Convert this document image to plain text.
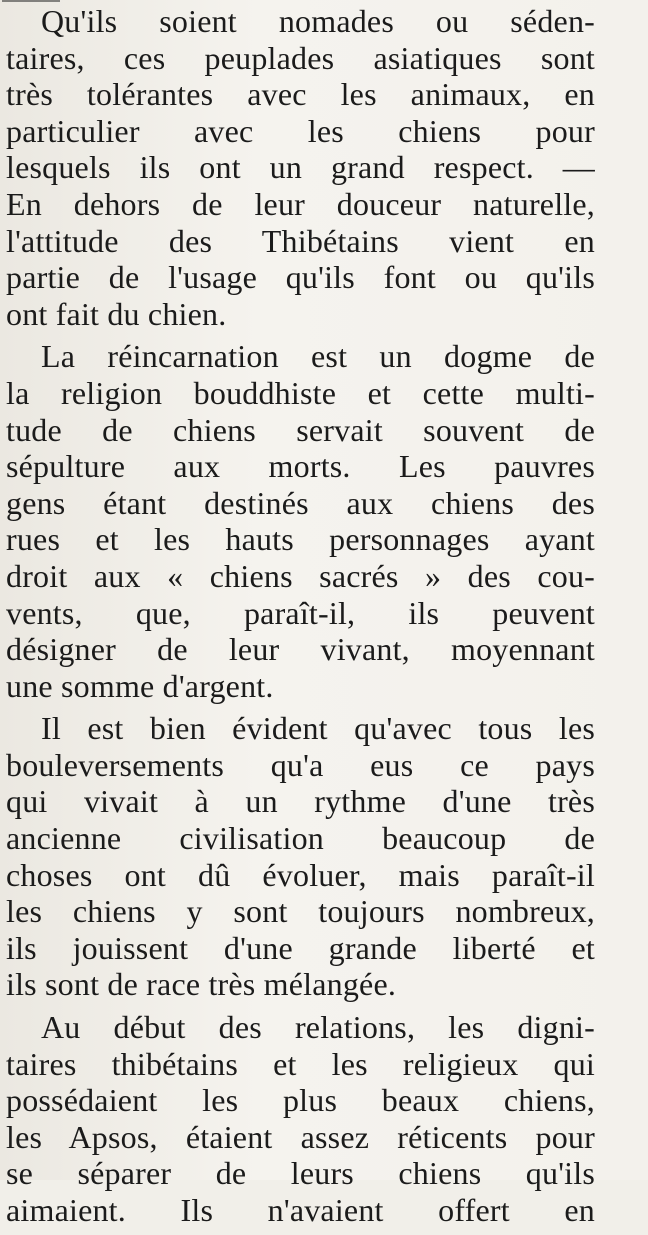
Qu'ils soient nomades ou séden-
taires, ces peuplades asiatiques sont
très tolérantes avec les animaux, en
particulier avec les chiens pour
lesquels ils ont un grand respect. —
En dehors de leur douceur naturelle,
l'attitude des Thibétains vient en
partie de l'usage qu'ils font ou qu'ils
ont fait du chien.
La réincarnation est un dogme de
la religion bouddhiste et cette multi-
tude de chiens servait souvent de
sépulture aux morts. Les pauvres
gens étant destinés aux chiens des
rues et les hauts personnages ayant
droit aux « chiens sacrés » des cou-
vents, que, paraît-il, ils peuvent
désigner de leur vivant, moyennant
une somme d'argent.
Il est bien évident qu'avec tous les
bouleversements qu'a eus ce pays
qui vivait à un rythme d'une très
ancienne civilisation beaucoup de
choses ont dû évoluer, mais paraît-il
les chiens y sont toujours nombreux,
ils jouissent d'une grande liberté et
ils sont de race très mélangée.
Au début des relations, les digni-
taires thibétains et les religieux qui
possédaient les plus beaux chiens,
les Apsos, étaient assez réticents pour
se séparer de leurs chiens qu'ils
aimaient. Ils n'avaient offert en
